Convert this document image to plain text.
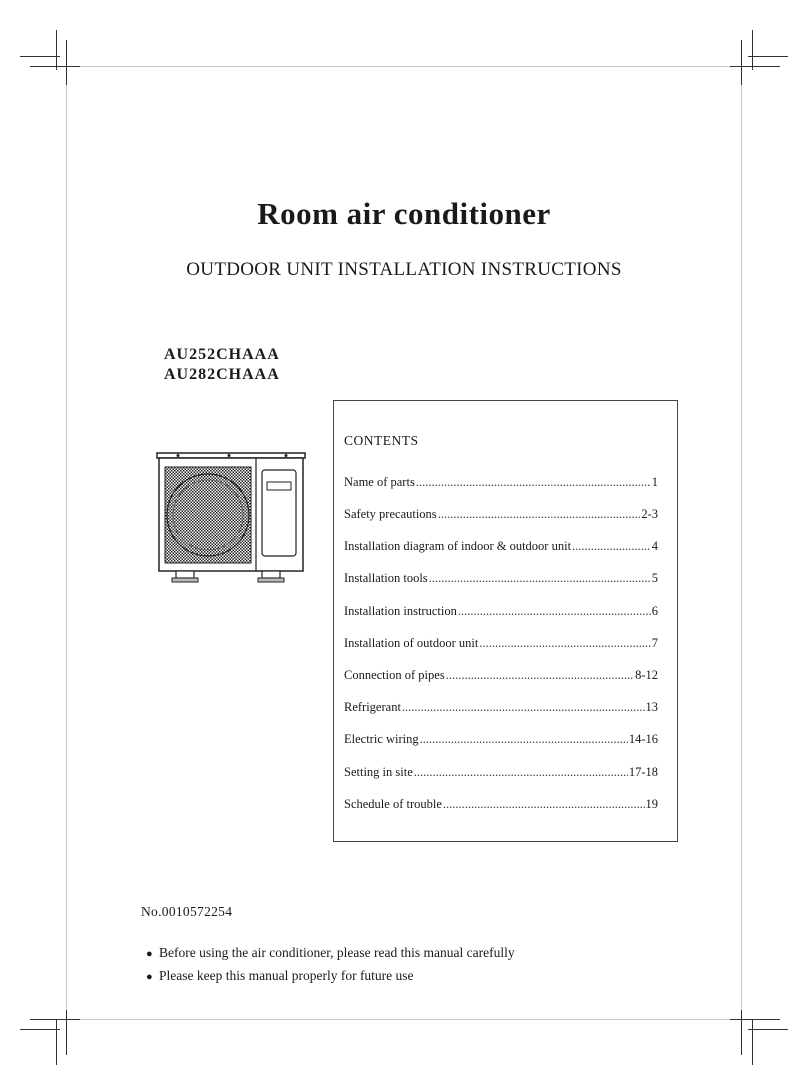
Room air conditioner
OUTDOOR UNIT INSTALLATION INSTRUCTIONS
AU252CHAAA
AU282CHAAA
CONTENTS
Name of parts .....	1
Safety precautions .....	2-3
Installation diagram of indoor & outdoor unit .....	4
Installation tools .....	5
Installation instruction .....	6
Installation of outdoor unit .....	7
Connection of pipes .....	8-12
Refrigerant .....	13
Electric wiring .....	14-16
Setting in site .....	17-18
Schedule of trouble .....	19
No.0010572254
● Before using the air conditioner, please read this manual carefully
● Please keep this manual properly for future use
